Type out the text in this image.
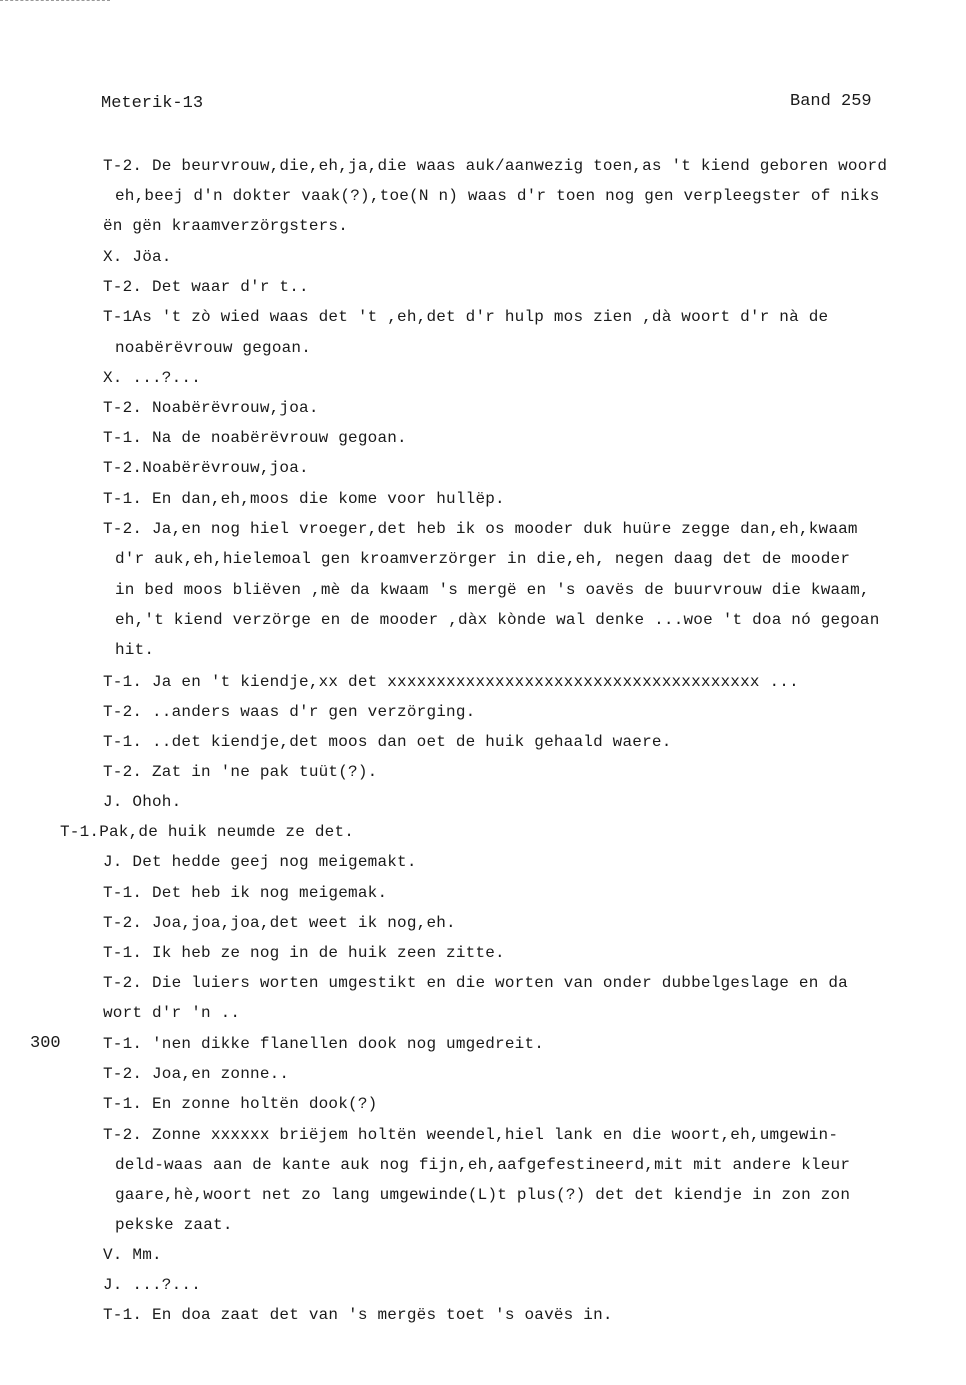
Meterik-13	Band 259
300
T-2. De beurvrouw,die,eh,ja,die waas auk/aanwezig toen,as 't kiend geboren woord
eh,beej d'n dokter vaak(?),toe(N n) waas d'r toen nog gen verpleegster of niks
ën gën kraamverzörgsters.
X. Jöa.
T-2. Det waar d'r t..
T-1As 't zò wied waas det 't ,eh,det d'r hulp mos zien ,dà woort d'r nà de
noabërëvrouw gegoan.
X. ...?...
T-2. Noabërëvrouw,joa.
T-1. Na de noabërëvrouw gegoan.
T-2.Noabërëvrouw,joa.
T-1. En dan,eh,moos die kome voor hullëp.
T-2. Ja,en nog hiel vroeger,det heb ik os mooder duk huüre zegge dan,eh,kwaam
d'r auk,eh,hielemoal gen kroamverzörger in die,eh, negen daag det de mooder
in bed moos bliëven ,mè da kwaam 's mergë en 's oavës de buurvrouw die kwaam,
eh,'t kiend verzörge en de mooder ,dàx kònde wal denke ...woe 't doa nó gegoan
hit.
T-1. Ja en 't kiendje,xx det xxxxxxxxxxxxxxxxxxxxxxxxxxxxxxxxxxxxxx ...
T-2. ..anders waas d'r gen verzörging.
T-1. ..det kiendje,det moos dan oet de huik gehaald waere.
T-2. Zat in 'ne pak tuüt(?).
J. Ohoh.
T-1.Pak,de huik neumde ze det.
J. Det hedde geej nog meigemakt.
T-1. Det heb ik nog meigemak.
T-2. Joa,joa,joa,det weet ik nog,eh.
T-1. Ik heb ze nog in de huik zeen zitte.
T-2. Die luiers worten umgestikt en die worten van onder dubbelgeslage en da
wort d'r 'n ..
T-1. 'nen dikke flanellen dook nog umgedreit.
T-2. Joa,en zonne..
T-1. En zonne holtën dook(?)
T-2. Zonne xxxxxx briëjem holtën weendel,hiel lank en die woort,eh,umgewin-
deld-waas aan de kante auk nog fijn,eh,aafgefestineerd,mit mit andere kleur
gaare,hè,woort net zo lang umgewinde(L)t plus(?) det det kiendje in zon zon
pekske zaat.
V. Mm.
J. ...?...
T-1. En doa zaat det van 's mergës toet 's oavës in.
